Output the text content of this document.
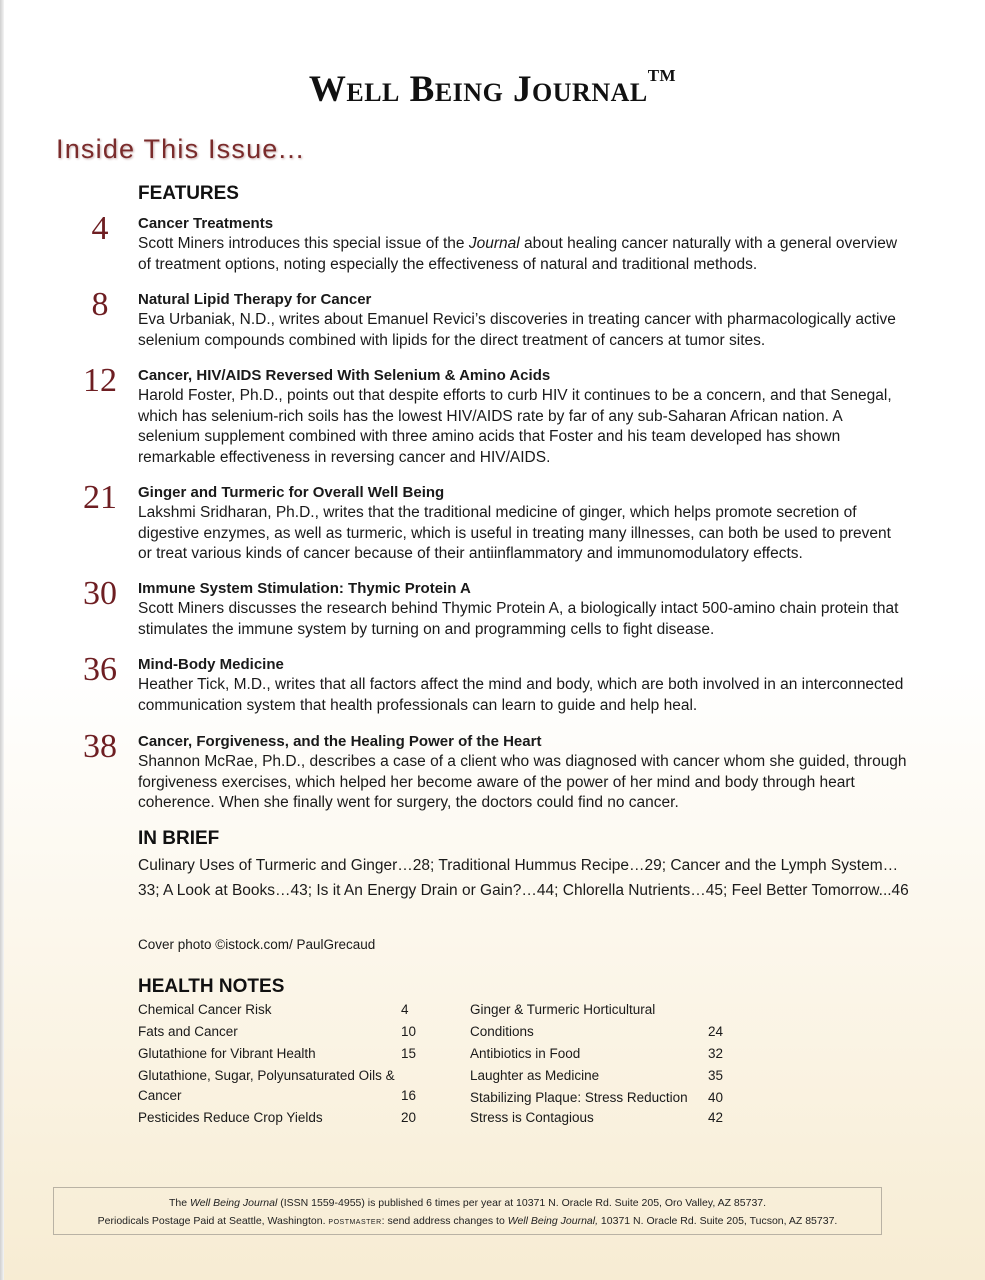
Well Being Journal™
Inside This Issue...
FEATURES
4	Cancer Treatments
Scott Miners introduces this special issue of the Journal about healing cancer naturally with a general overview of treatment options, noting especially the effectiveness of natural and traditional methods.
8	Natural Lipid Therapy for Cancer
Eva Urbaniak, N.D., writes about Emanuel Revici’s discoveries in treating cancer with pharmacologically active selenium compounds combined with lipids for the direct treatment of cancers at tumor sites.
12	Cancer, HIV/AIDS Reversed With Selenium & Amino Acids
Harold Foster, Ph.D., points out that despite efforts to curb HIV it continues to be a concern, and that Senegal, which has selenium-rich soils has the lowest HIV/AIDS rate by far of any sub-Saharan African nation. A selenium supplement combined with three amino acids that Foster and his team developed has shown remarkable effectiveness in reversing cancer and HIV/AIDS.
21	Ginger and Turmeric for Overall Well Being
Lakshmi Sridharan, Ph.D., writes that the traditional medicine of ginger, which helps promote secretion of digestive enzymes, as well as turmeric, which is useful in treating many illnesses, can both be used to prevent or treat various kinds of cancer because of their antiinflammatory and immunomodulatory effects.
30	Immune System Stimulation: Thymic Protein A
Scott Miners discusses the research behind Thymic Protein A, a biologically intact 500-amino chain protein that stimulates the immune system by turning on and programming cells to fight disease.
36	Mind-Body Medicine
Heather Tick, M.D., writes that all factors affect the mind and body, which are both involved in an interconnected communication system that health professionals can learn to guide and help heal.
38	Cancer, Forgiveness, and the Healing Power of the Heart
Shannon McRae, Ph.D., describes a case of a client who was diagnosed with cancer whom she guided, through forgiveness exercises, which helped her become aware of the power of her mind and body through heart coherence. When she finally went for surgery, the doctors could find no cancer.
IN BRIEF
Culinary Uses of Turmeric and Ginger…28; Traditional Hummus Recipe…29; Cancer and the Lymph System…33; A Look at Books…43; Is it An Energy Drain or Gain?…44; Chlorella Nutrients…45; Feel Better Tomorrow...46
Cover photo ©istock.com/ PaulGrecaud
HEALTH NOTES
Chemical Cancer Risk	4
Fats and Cancer	10
Glutathione for Vibrant Health	15
Glutathione, Sugar, Polyunsaturated Oils &
Cancer	16
Pesticides Reduce Crop Yields	20
Ginger & Turmeric Horticultural
Conditions	24
Antibiotics in Food	32
Laughter as Medicine	35
Stabilizing Plaque: Stress Reduction 40
Stress is Contagious	42
The Well Being Journal (ISSN 1559-4955) is published 6 times per year at 10371 N. Oracle Rd. Suite 205, Oro Valley, AZ 85737.
Periodicals Postage Paid at Seattle, Washington. postmaster: send address changes to Well Being Journal, 10371 N. Oracle Rd. Suite 205, Tucson, AZ 85737.
